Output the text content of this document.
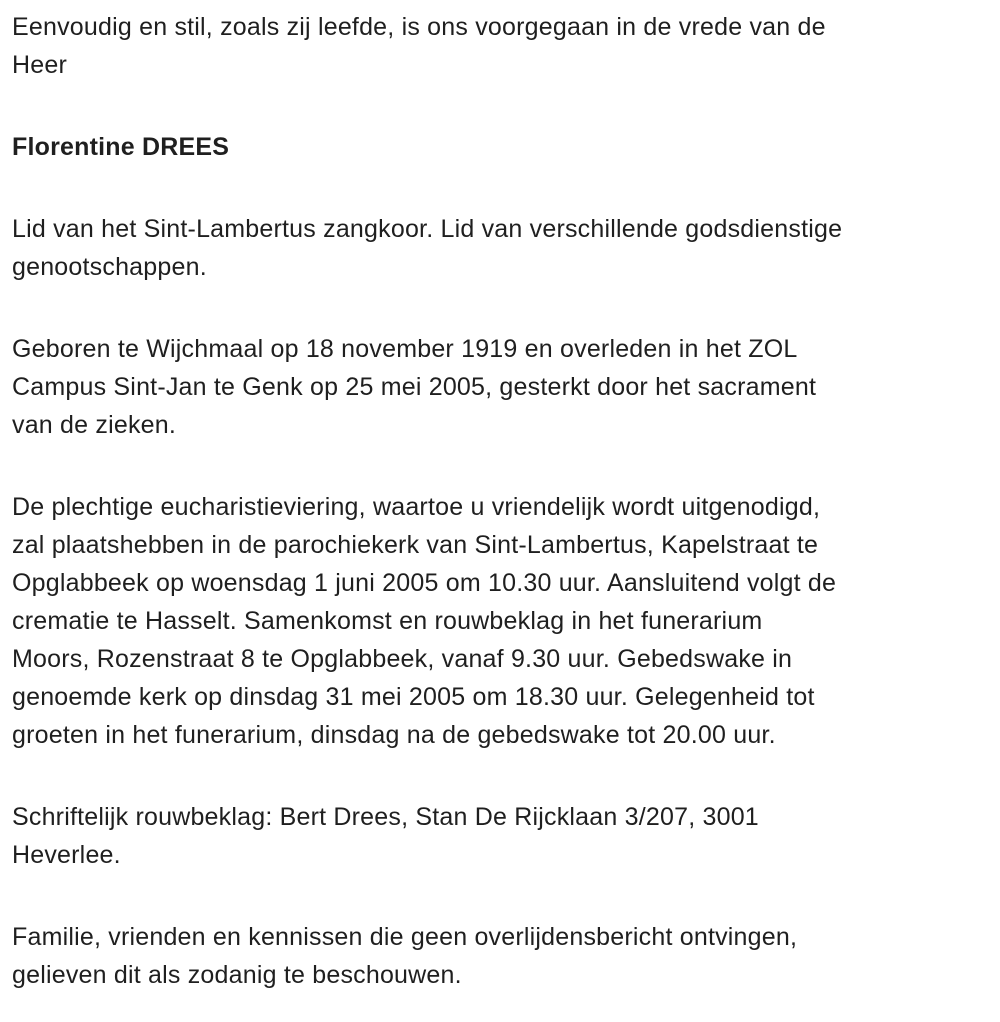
Eenvoudig en stil, zoals zij leefde, is ons voorgegaan in de vrede van de
Heer

Florentine DREES

Lid van het Sint-Lambertus zangkoor. Lid van verschillende godsdienstige
genootschappen.

Geboren te Wijchmaal op 18 november 1919 en overleden in het ZOL
Campus Sint-Jan te Genk op 25 mei 2005, gesterkt door het sacrament
van de zieken.

De plechtige eucharistieviering, waartoe u vriendelijk wordt uitgenodigd,
zal plaatshebben in de parochiekerk van Sint-Lambertus, Kapelstraat te
Opglabbeek op woensdag 1 juni 2005 om 10.30 uur. Aansluitend volgt de
crematie te Hasselt. Samenkomst en rouwbeklag in het funerarium
Moors, Rozenstraat 8 te Opglabbeek, vanaf 9.30 uur. Gebedswake in
genoemde kerk op dinsdag 31 mei 2005 om 18.30 uur. Gelegenheid tot
groeten in het funerarium, dinsdag na de gebedswake tot 20.00 uur.

Schriftelijk rouwbeklag: Bert Drees, Stan De Rijcklaan 3/207, 3001
Heverlee.

Familie, vrienden en kennissen die geen overlijdensbericht ontvingen,
gelieven dit als zodanig te beschouwen.
